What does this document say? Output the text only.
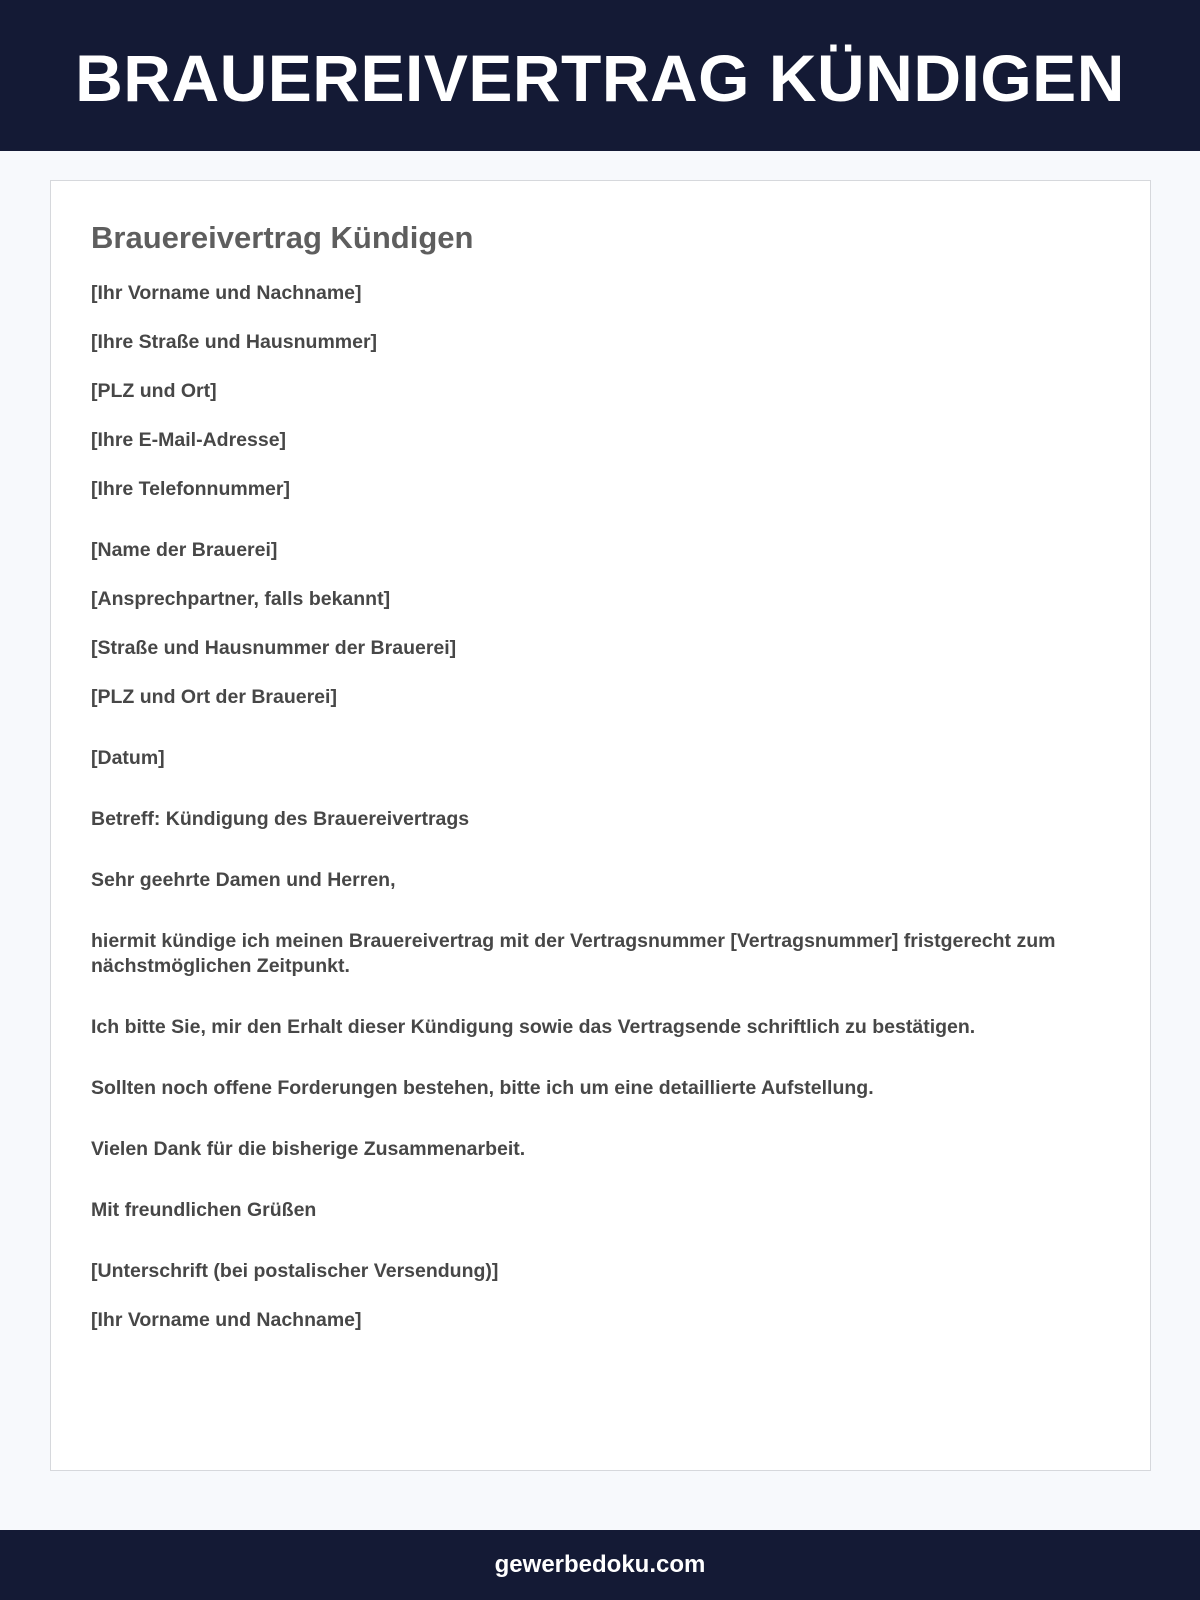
BRAUEREIVERTRAG KÜNDIGEN
Brauereivertrag Kündigen
[Ihr Vorname und Nachname]
[Ihre Straße und Hausnummer]
[PLZ und Ort]
[Ihre E-Mail-Adresse]
[Ihre Telefonnummer]
[Name der Brauerei]
[Ansprechpartner, falls bekannt]
[Straße und Hausnummer der Brauerei]
[PLZ und Ort der Brauerei]
[Datum]
Betreff: Kündigung des Brauereivertrags
Sehr geehrte Damen und Herren,
hiermit kündige ich meinen Brauereivertrag mit der Vertragsnummer [Vertragsnummer] fristgerecht zum nächstmöglichen Zeitpunkt.
Ich bitte Sie, mir den Erhalt dieser Kündigung sowie das Vertragsende schriftlich zu bestätigen.
Sollten noch offene Forderungen bestehen, bitte ich um eine detaillierte Aufstellung.
Vielen Dank für die bisherige Zusammenarbeit.
Mit freundlichen Grüßen
[Unterschrift (bei postalischer Versendung)]
[Ihr Vorname und Nachname]
gewerbedoku.com
